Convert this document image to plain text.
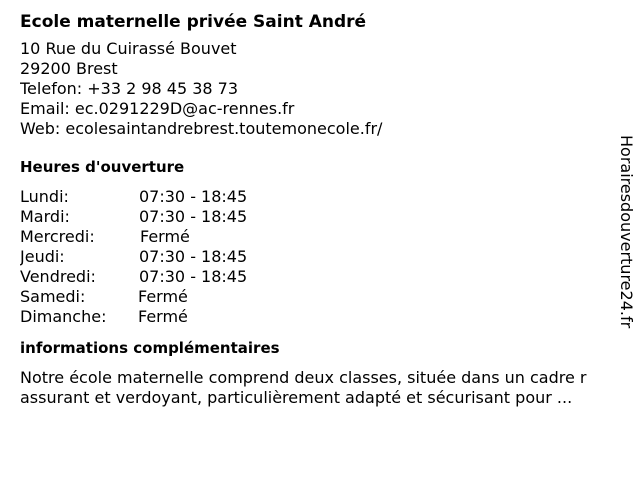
Ecole maternelle privée Saint André
10 Rue du Cuirassé Bouvet
29200 Brest
Telefon: +33 2 98 45 38 73
Email: ec.0291229D@ac-rennes.fr
Web: ecolesaintandrebrest.toutemonecole.fr/
Heures d'ouverture
Lundi:	07:30 - 18:45
Mardi:	07:30 - 18:45
Mercredi:	Fermé
Jeudi:	07:30 - 18:45
Vendredi:	07:30 - 18:45
Samedi:	Fermé
Dimanche: Fermé
informations complémentaires
Notre école maternelle comprend deux classes, située dans un cadre r
assurant et verdoyant, particulièrement adapté et sécurisant pour ...
Horairesdouverture24.fr
